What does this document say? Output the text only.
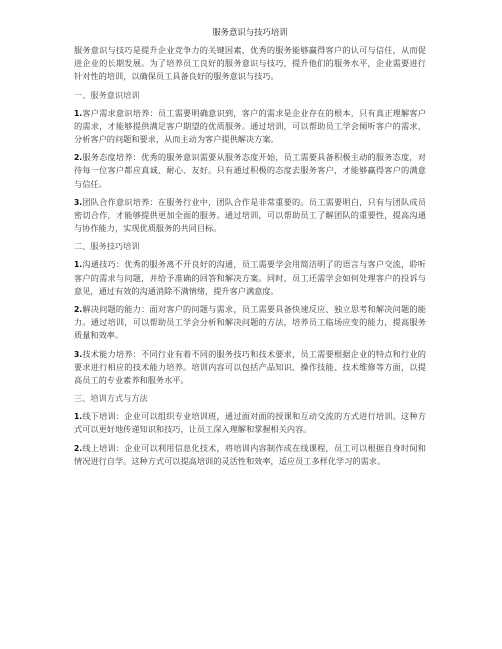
服务意识与技巧培训

服务意识与技巧是提升企业竞争力的关键因素，优秀的服务能够赢得客户的认可与信任，从而促进企业的长期发展。为了培养员工良好的服务意识与技巧，提升他们的服务水平，企业需要进行针对性的培训，以确保员工具备良好的服务意识与技巧。

一、服务意识培训

1.客户需求意识培养：员工需要明确意识到，客户的需求是企业存在的根本，只有真正理解客户的需求，才能够提供满足客户期望的优质服务。通过培训，可以帮助员工学会倾听客户的需求，分析客户的问题和要求，从而主动为客户提供解决方案。

2.服务态度培养：优秀的服务意识需要从服务态度开始，员工需要具备积极主动的服务态度，对待每一位客户都应真诚、耐心、友好。只有通过积极的态度去服务客户，才能够赢得客户的满意与信任。

3.团队合作意识培养：在服务行业中，团队合作是非常重要的。员工需要明白，只有与团队成员密切合作，才能够提供更加全面的服务。通过培训，可以帮助员工了解团队的重要性，提高沟通与协作能力，实现优质服务的共同目标。

二、服务技巧培训

1.沟通技巧：优秀的服务离不开良好的沟通，员工需要学会用简洁明了的语言与客户交流，聆听客户的需求与问题，并给予准确的回答和解决方案。同时，员工还需学会如何处理客户的投诉与意见，通过有效的沟通消除不满情绪，提升客户满意度。

2.解决问题的能力：面对客户的问题与需求，员工需要具备快速反应、独立思考和解决问题的能力。通过培训，可以帮助员工学会分析和解决问题的方法，培养员工临场应变的能力，提高服务质量和效率。

3.技术能力培养：不同行业有着不同的服务技巧和技术要求，员工需要根据企业的特点和行业的要求进行相应的技术能力培养。培训内容可以包括产品知识、操作技能、技术维修等方面，以提高员工的专业素养和服务水平。

三、培训方式与方法

1.线下培训：企业可以组织专业培训班，通过面对面的授课和互动交流的方式进行培训。这种方式可以更好地传递知识和技巧，让员工深入理解和掌握相关内容。

2.线上培训：企业可以利用信息化技术，将培训内容制作成在线课程，员工可以根据自身时间和情况进行自学。这种方式可以提高培训的灵活性和效率，适应员工多样化学习的需求。
